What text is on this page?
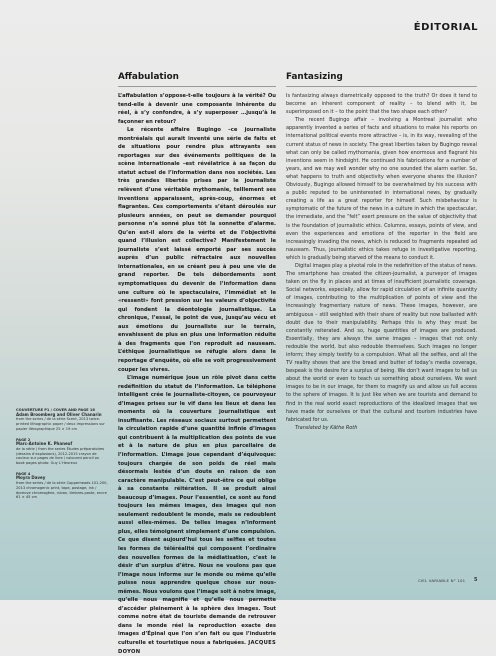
ÉDITORIAL
Affabulation

L’affabulation s’oppose-t-elle toujours à la vérité? Ou tend-elle à devenir une composante inhérente du réel, à s’y confondre, à s’y superposer …jusqu’à le façonner en retour?

Le récente affaire Bugingo –ce journaliste montréalais qui aurait inventé une série de faits et de situations pour rendre plus attrayants ses reportages sur des événements politiques de la scène internationale –est révélatrice à sa façon du statut actuel de l’information dans nos sociétés. Les très grandes libertés prises par le journaliste relèvent d’une véritable mythomanie, telllement ses inventions apparaissent, après-coup, énormes et flagrantes. Ces comportements s’étant déroulés sur plusieurs années, on peut se demander pourquoi personne n’a sonné plus tôt la sonnette d’alarme. Qu’en est-il alors de la vérité et de l’objectivité quand l’illusion est collective? Manifestement le journaliste s’est laissé emporté par ses succès auprès d’un public réfractaire aux nouvelles internationales, en se créant peu à peu une vie de grand reporter. De tels débordements sont symptomatiques du devenir de l’information dans une culture où le spectaculaire, l’immédiat et le «ressenti» font pression sur les valeurs d’objectivité qui fondent la déontologie journalistique. La chronique, l’essai, le point de vue, jusqu’au vécu et aux émotions du journaliste sur le terrain, envahissent de plus en plus une information réduite à des fragments que l’on reproduit ad nauseam. L’éthique journalistique se réfugie alors dans le reportage d’enquête, où elle se voit progressivement couper les vivres.

L’image numérique joue un rôle pivot dans cette redéfinition du statut de l’information. Le téléphone intelligent crée le journaliste-citoyen, ce pourvoyeur d’images prises sur le vif dans les lieux et dans les moments où la couverture journalistique est insuffisante. Les réseaux sociaux surtout permettent la circulation rapide d’une quantité infinie d’images qui contribuent à la multiplication des points de vue et à la nature de plus en plus parcellaire de l’information. L’image joue cependant d’équivoque: toujours chargée de son poids de réel mais désormais lestée d’un doute en raison de son caractère manipulable. C’est peut-être ce qui oblige à sa constante réitération. Il se produit ainsi beaucoup d’images. Pour l’essentiel, ce sont au fond toujours les mêmes images, des images qui non seulement redoublent le monde, mais se redoublent aussi elles-mêmes. De telles images n’informent plus, elles témoignent simplement d’une compulsion. Ce que disent aujourd’hui tous les selfies et toutes les formes de téléréalité qui composent l’ordinaire des nouvelles formes de la médiatisation, c’est le désir d’un surplus d’être. Nous ne voulons pas que l’image nous informe sur le monde ou même qu’elle puisse nous apprendre quelque chose sur nous-mêmes. Nous voulons que l’image soit à notre image, qu’elle nous magnifie et qu’elle nous permette d’accéder pleinement à la sphère des images. Tout comme notre état de touriste demande de retrouver dans le monde réel la reproduction exacte des images d’Épinal que l’on s’en fait ou que l’industrie culturelle et touristique nous a fabriquées. JACQUES DOYON

Fantasizing

Is fantasizing always diametrically opposed to the truth? Or does it tend to become an inherent component of reality – to blend with it, be superimposed on it – to the point that the two shape each other?

The recent Bugingo affair – involving a Montreal journalist who apparently invented a series of facts and situations to make his reports on international political events more attractive – is, in its way, revealing of the current status of news in society. The great liberties taken by Bugingo reveal what can only be called mythomania, given how enormous and flagrant his inventions seem in hindsight. He continued his fabrications for a number of years, and we may well wonder why no one sounded the alarm earlier. So, what happens to truth and objectivity when everyone shares the illusion? Obviously, Bugingo allowed himself to be overwhelmed by his success with a public reputed to be uninterested in international news, by gradually creating a life as a great reporter for himself. Such misbehaviour is symptomatic of the future of the news in a culture in which the spectacular, the immediate, and the “felt” exert pressure on the value of objectivity that is the foundation of journalistic ethics. Columns, essays, points of view, and even the experiences and emotions of the reporter in the field are increasingly invading the news, which is reduced to fragments repeated ad nauseam. Thus, journalistic ethics takes refuge in investigative reporting, which is gradually being starved of the means to conduct it.

Digital images play a pivotal role in the redefinition of the status of news. The smartphone has created the citizen-journalist, a purveyor of images taken on the fly in places and at times of insufficient journalistic coverage. Social networks, especially, allow for rapid circulation of an infinite quantity of images, contributing to the multiplication of points of view and the increasingly fragmentary nature of news. These images, however, are ambiguous – still weighted with their share of reality but now ballasted with doubt due to their manipulability. Perhaps this is why they must be constantly reiterated. And so, huge quantities of images are produced. Essentially, they are always the same images – images that not only redouble the world, but also redouble themselves. Such images no longer inform; they simply testify to a compulsion. What all the selfies, and all the TV reality shows that are the bread and butter of today’s media coverage, bespeak is the desire for a surplus of being. We don’t want images to tell us about the world or even to teach us something about ourselves. We want images to be in our image, for them to magnify us and allow us full access to the sphere of images. It is just like when we are tourists and demand to find in the real world exact reproductions of the idealized images that we have made for ourselves or that the cultural and tourism industries have fabricated for us.

Translated by Käthe Roth

COUVERTURE P1 / COVER AND PAGE 16
Adam Broomberg and Oliver Chanarin
from the series / de la série Scent, 2013 twice-printed lithographic paper / deux impressions sur papier lithographique 25 × 19 cm
PAGE 2
Marc-Antoine K. Phaneuf
de la série / from the series Études préparatoires (dessins d’explosions), 2012-2015 crayon de couleur sur pages de livre / coloured pencil on book pages photo: Guy L’Heureux
PAGE 4
Moyra Davey
from the series / de la série Copperheads 101-200, 2013 chromogenic print, tape, postage, ink / épreuve chromogène, ruban, timbres-poste, encre 61 × 45 cm
CIEL VARIABLE N° 101 5
